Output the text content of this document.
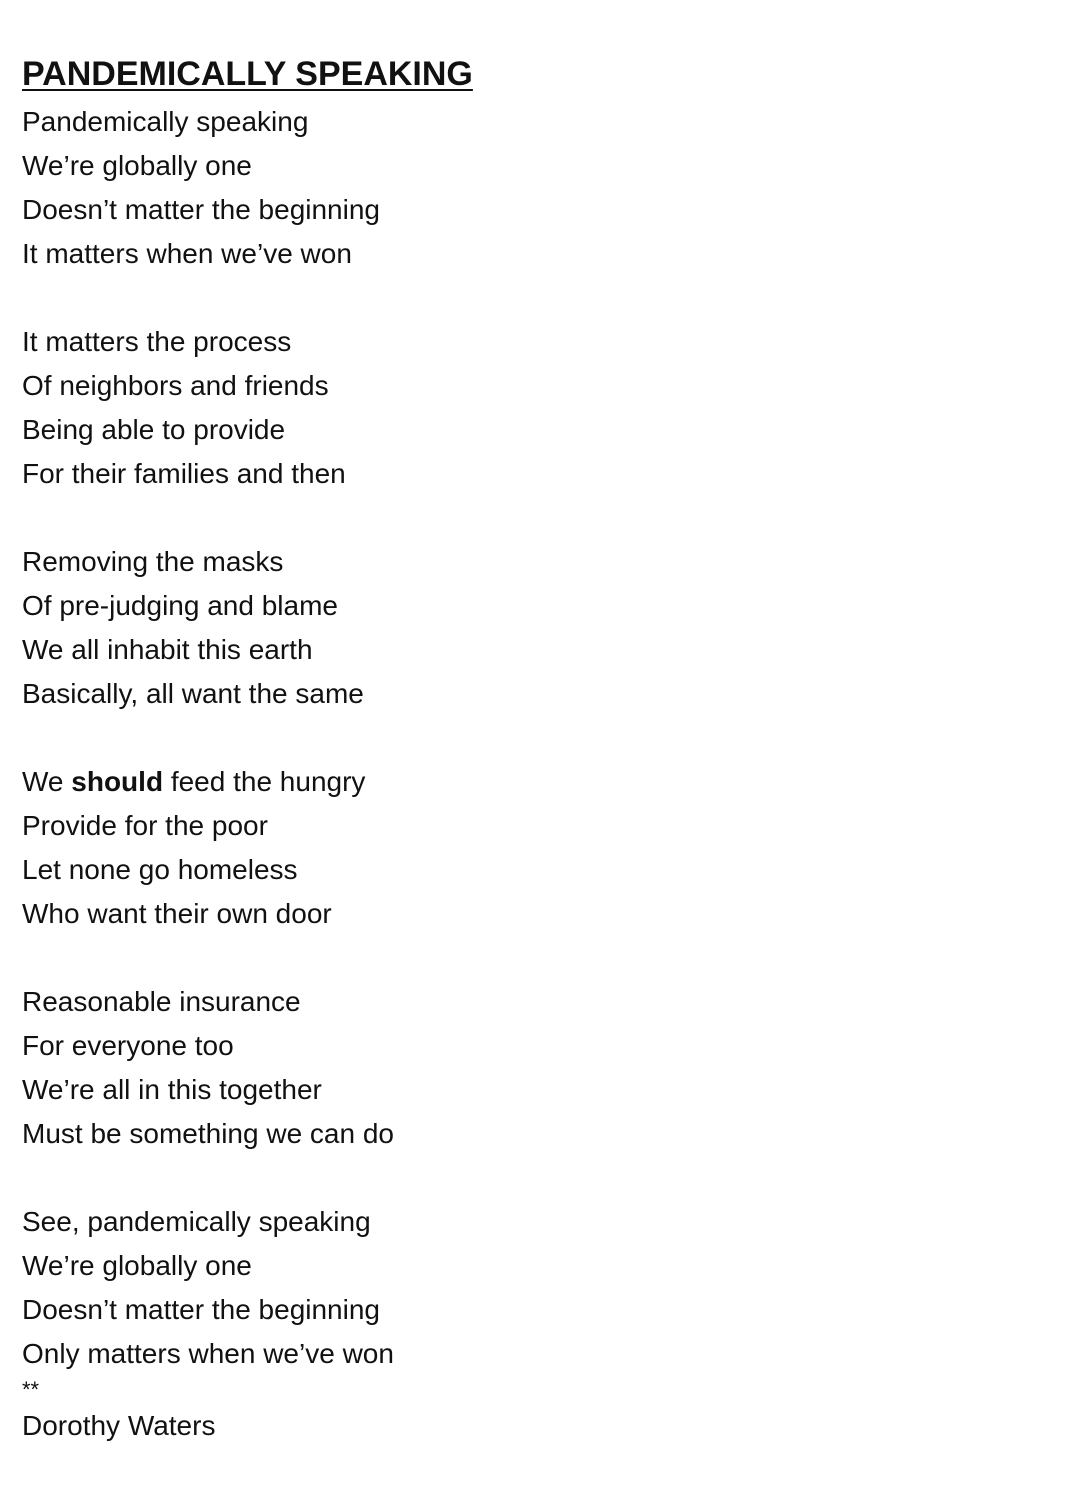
PANDEMICALLY SPEAKING
Pandemically speaking
We’re globally one
Doesn’t matter the beginning
It matters when we’ve won
It matters the process
Of neighbors and friends
Being able to provide
For their families and then
Removing the masks
Of pre-judging and blame
We all inhabit this earth
Basically, all want the same
We should feed the hungry
Provide for the poor
Let none go homeless
Who want their own door
Reasonable insurance
For everyone too
We’re all in this together
Must be something we can do
See, pandemically speaking
We’re globally one
Doesn’t matter the beginning
Only matters when we’ve won
**
Dorothy Waters
